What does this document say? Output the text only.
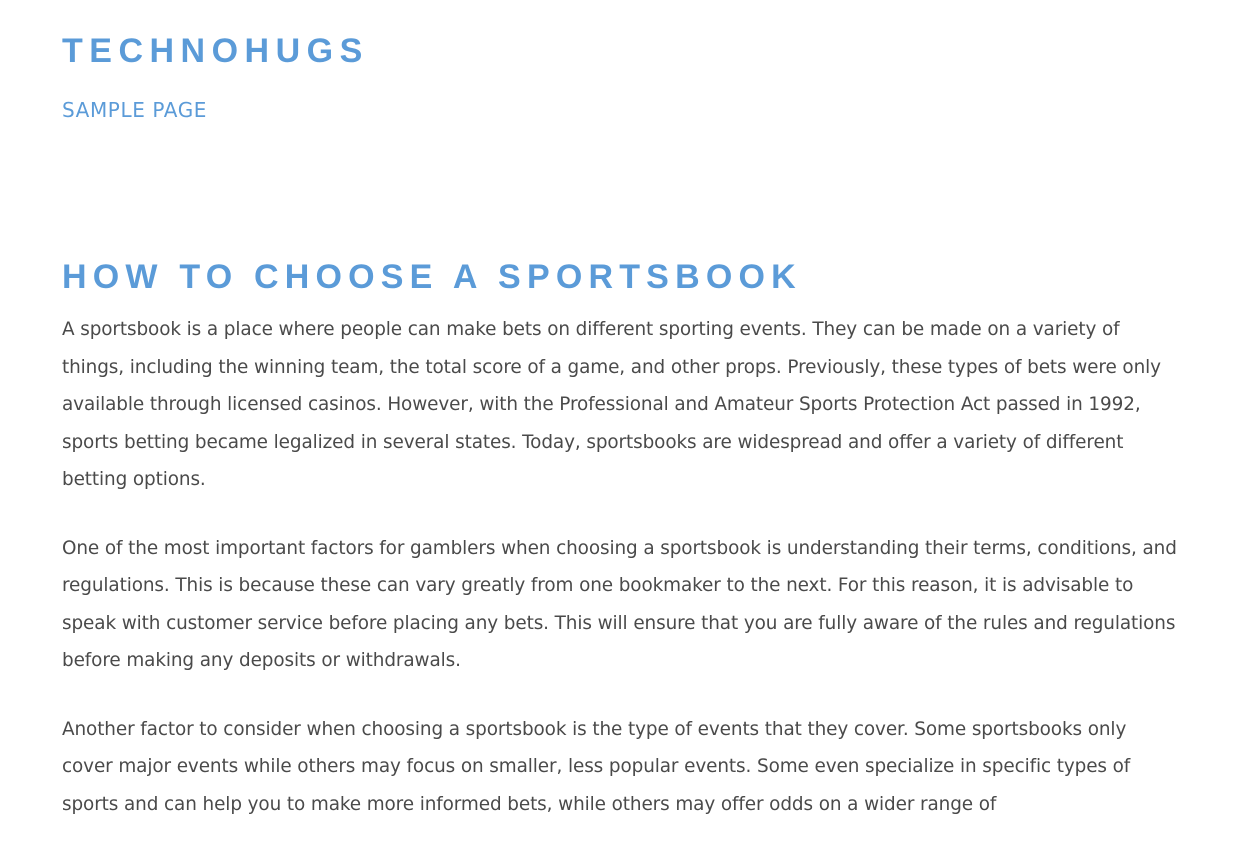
TECHNOHUGS
SAMPLE PAGE
HOW TO CHOOSE A SPORTSBOOK

A sportsbook is a place where people can make bets on different sporting events. They can be made on a variety of things, including the winning team, the total score of a game, and other props. Previously, these types of bets were only available through licensed casinos. However, with the Professional and Amateur Sports Protection Act passed in 1992, sports betting became legalized in several states. Today, sportsbooks are widespread and offer a variety of different betting options.

One of the most important factors for gamblers when choosing a sportsbook is understanding their terms, conditions, and regulations. This is because these can vary greatly from one bookmaker to the next. For this reason, it is advisable to speak with customer service before placing any bets. This will ensure that you are fully aware of the rules and regulations before making any deposits or withdrawals.

Another factor to consider when choosing a sportsbook is the type of events that they cover. Some sportsbooks only cover major events while others may focus on smaller, less popular events. Some even specialize in specific types of sports and can help you to make more informed bets, while others may offer odds on a wider range of
